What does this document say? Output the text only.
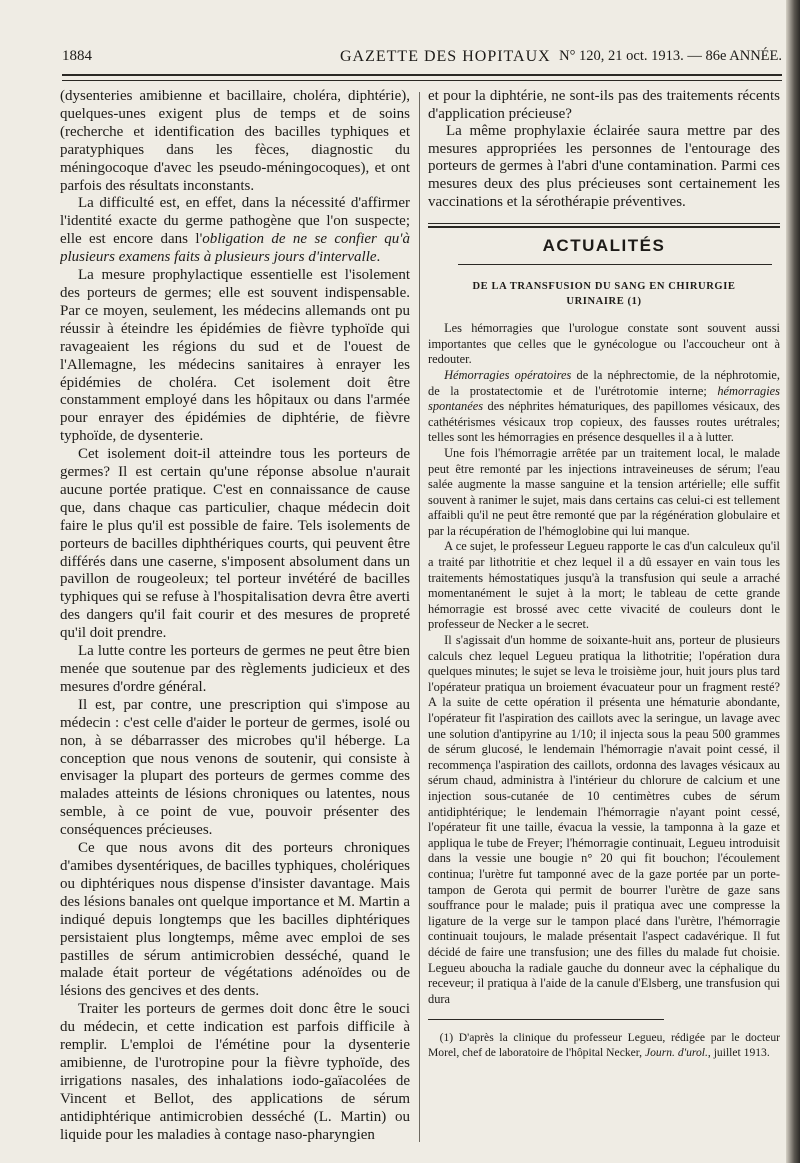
1884	GAZETTE DES HOPITAUX N° 120, 21 oct. 1913. — 86e ANNÉE.

(dysenteries amibienne et bacillaire, choléra, diphtérie), quelques-unes exigent plus de temps et de soins (recherche et identification des bacilles typhiques et paratyphiques dans les fèces, diagnostic du méningocoque d'avec les pseudo-méningocoques), et ont parfois des résultats inconstants.

La difficulté est, en effet, dans la nécessité d'affirmer l'identité exacte du germe pathogène que l'on suspecte; elle est encore dans l'obligation de ne se confier qu'à plusieurs examens faits à plusieurs jours d'intervalle.

La mesure prophylactique essentielle est l'isolement des porteurs de germes; elle est souvent indispensable. Par ce moyen, seulement, les médecins allemands ont pu réussir à éteindre les épidémies de fièvre typhoïde qui ravageaient les régions du sud et de l'ouest de l'Allemagne, les médecins sanitaires à enrayer les épidémies de choléra. Cet isolement doit être constamment employé dans les hôpitaux ou dans l'armée pour enrayer des épidémies de diphtérie, de fièvre typhoïde, de dysenterie.

Cet isolement doit-il atteindre tous les porteurs de germes? Il est certain qu'une réponse absolue n'aurait aucune portée pratique. C'est en connaissance de cause que, dans chaque cas particulier, chaque médecin doit faire le plus qu'il est possible de faire. Tels isolements de porteurs de bacilles diphthériques courts, qui peuvent être différés dans une caserne, s'imposent absolument dans un pavillon de rougeoleux; tel porteur invétéré de bacilles typhiques qui se refuse à l'hospitalisation devra être averti des dangers qu'il fait courir et des mesures de propreté qu'il doit prendre.

La lutte contre les porteurs de germes ne peut être bien menée que soutenue par des règlements judicieux et des mesures d'ordre général.

Il est, par contre, une prescription qui s'impose au médecin : c'est celle d'aider le porteur de germes, isolé ou non, à se débarrasser des microbes qu'il héberge. La conception que nous venons de soutenir, qui consiste à envisager la plupart des porteurs de germes comme des malades atteints de lésions chroniques ou latentes, nous semble, à ce point de vue, pouvoir présenter des conséquences précieuses.

Ce que nous avons dit des porteurs chroniques d'amibes dysentériques, de bacilles typhiques, cholériques ou diphtériques nous dispense d'insister davantage. Mais des lésions banales ont quelque importance et M. Martin a indiqué depuis longtemps que les bacilles diphtériques persistaient plus longtemps, même avec emploi de ses pastilles de sérum antimicrobien desséché, quand le malade était porteur de végétations adénoïdes ou de lésions des gencives et des dents.

Traiter les porteurs de germes doit donc être le souci du médecin, et cette indication est parfois difficile à remplir. L'emploi de l'émétine pour la dysenterie amibienne, de l'urotropine pour la fièvre typhoïde, des irrigations nasales, des inhalations iodo-gaïacolées de Vincent et Bellot, des applications de sérum antidiphtérique antimicrobien desséché (L. Martin) ou liquide pour les maladies à contage naso-pharyngien

et pour la diphtérie, ne sont-ils pas des traitements récents d'application précieuse?

La même prophylaxie éclairée saura mettre par des mesures appropriées les personnes de l'entourage des porteurs de germes à l'abri d'une contamination. Parmi ces mesures deux des plus précieuses sont certainement les vaccinations et la sérothérapie préventives.

ACTUALITÉS
DE LA TRANSFUSION DU SANG EN CHIRURGIE URINAIRE (1)

Les hémorragies que l'urologue constate sont souvent aussi importantes que celles que le gynécologue ou l'accoucheur ont à redouter.

Hémorragies opératoires de la néphrectomie, de la néphrotomie, de la prostatectomie et de l'urétrotomie interne; hémorragies spontanées des néphrites hématuriques, des papillomes vésicaux, des cathétérismes vésicaux trop copieux, des fausses routes urétrales; telles sont les hémorragies en présence desquelles il a à lutter.

Une fois l'hémorragie arrêtée par un traitement local, le malade peut être remonté par les injections intraveineuses de sérum; l'eau salée augmente la masse sanguine et la tension artérielle; elle suffit souvent à ranimer le sujet, mais dans certains cas celui-ci est tellement affaibli qu'il ne peut être remonté que par la régénération globulaire et par la récupération de l'hémoglobine qui lui manque.

A ce sujet, le professeur Legueu rapporte le cas d'un calculeux qu'il a traité par lithotritie et chez lequel il a dû essayer en vain tous les traitements hémostatiques jusqu'à la transfusion qui seule a arraché momentanément le sujet à la mort; le tableau de cette grande hémorragie est brossé avec cette vivacité de couleurs dont le professeur de Necker a le secret.

Il s'agissait d'un homme de soixante-huit ans, porteur de plusieurs calculs chez lequel Legueu pratiqua la lithotritie; l'opération dura quelques minutes; le sujet se leva le troisième jour, huit jours plus tard l'opérateur pratiqua un broiement évacuateur pour un fragment resté? A la suite de cette opération il présenta une hématurie abondante, l'opérateur fit l'aspiration des caillots avec la seringue, un lavage avec une solution d'antipyrine au 1/10; il injecta sous la peau 500 grammes de sérum glucosé, le lendemain l'hémorragie n'avait point cessé, il recommença l'aspiration des caillots, ordonna des lavages vésicaux au sérum chaud, administra à l'intérieur du chlorure de calcium et une injection sous-cutanée de 10 centimètres cubes de sérum antidiphtérique; le lendemain l'hémorragie n'ayant point cessé, l'opérateur fit une taille, évacua la vessie, la tamponna à la gaze et appliqua le tube de Freyer; l'hémorragie continuait, Legueu introduisit dans la vessie une bougie n° 20 qui fit bouchon; l'écoulement continua; l'urètre fut tamponné avec de la gaze portée par un porte-tampon de Gerota qui permit de bourrer l'urètre de gaze sans souffrance pour le malade; puis il pratiqua avec une compresse la ligature de la verge sur le tampon placé dans l'urètre, l'hémorragie continuait toujours, le malade présentait l'aspect cadavérique. Il fut décidé de faire une transfusion; une des filles du malade fut choisie. Legueu aboucha la radiale gauche du donneur avec la céphalique du receveur; il pratiqua à l'aide de la canule d'Elsberg, une transfusion qui dura

(1) D'après la clinique du professeur Legueu, rédigée par le docteur Morel, chef de laboratoire de l'hôpital Necker, Journ. d'urol., juillet 1913.
